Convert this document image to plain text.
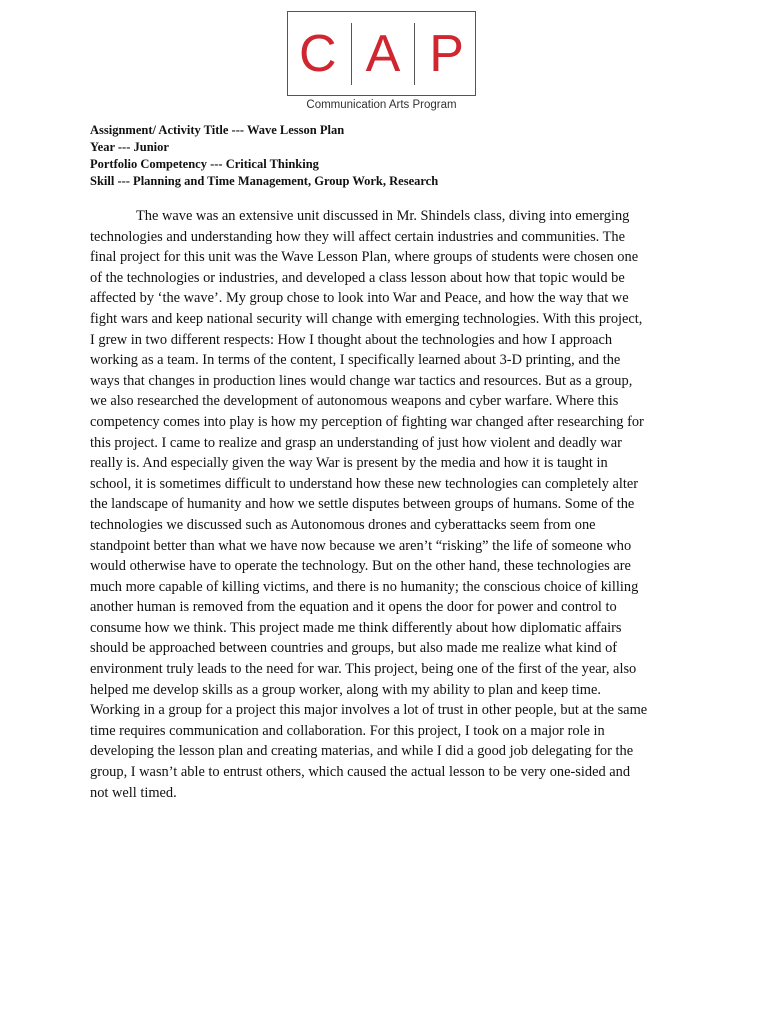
C A P
Communication Arts Program
Assignment/ Activity Title --- Wave Lesson Plan
Year --- Junior
Portfolio Competency --- Critical Thinking
Skill --- Planning and Time Management, Group Work, Research
The wave was an extensive unit discussed in Mr. Shindels class, diving into emerging
technologies and understanding how they will affect certain industries and communities. The
final project for this unit was the Wave Lesson Plan, where groups of students were chosen one
of the technologies or industries, and developed a class lesson about how that topic would be
affected by ‘the wave’. My group chose to look into War and Peace, and how the way that we
fight wars and keep national security will change with emerging technologies. With this project,
I grew in two different respects: How I thought about the technologies and how I approach
working as a team. In terms of the content, I specifically learned about 3-D printing, and the
ways that changes in production lines would change war tactics and resources. But as a group,
we also researched the development of autonomous weapons and cyber warfare. Where this
competency comes into play is how my perception of fighting war changed after researching for
this project. I came to realize and grasp an understanding of just how violent and deadly war
really is. And especially given the way War is present by the media and how it is taught in
school, it is sometimes difficult to understand how these new technologies can completely alter
the landscape of humanity and how we settle disputes between groups of humans. Some of the
technologies we discussed such as Autonomous drones and cyberattacks seem from one
standpoint better than what we have now because we aren’t “risking” the life of someone who
would otherwise have to operate the technology. But on the other hand, these technologies are
much more capable of killing victims, and there is no humanity; the conscious choice of killing
another human is removed from the equation and it opens the door for power and control to
consume how we think. This project made me think differently about how diplomatic affairs
should be approached between countries and groups, but also made me realize what kind of
environment truly leads to the need for war. This project, being one of the first of the year, also
helped me develop skills as a group worker, along with my ability to plan and keep time.
Working in a group for a project this major involves a lot of trust in other people, but at the same
time requires communication and collaboration. For this project, I took on a major role in
developing the lesson plan and creating materias, and while I did a good job delegating for the
group, I wasn’t able to entrust others, which caused the actual lesson to be very one-sided and
not well timed.
